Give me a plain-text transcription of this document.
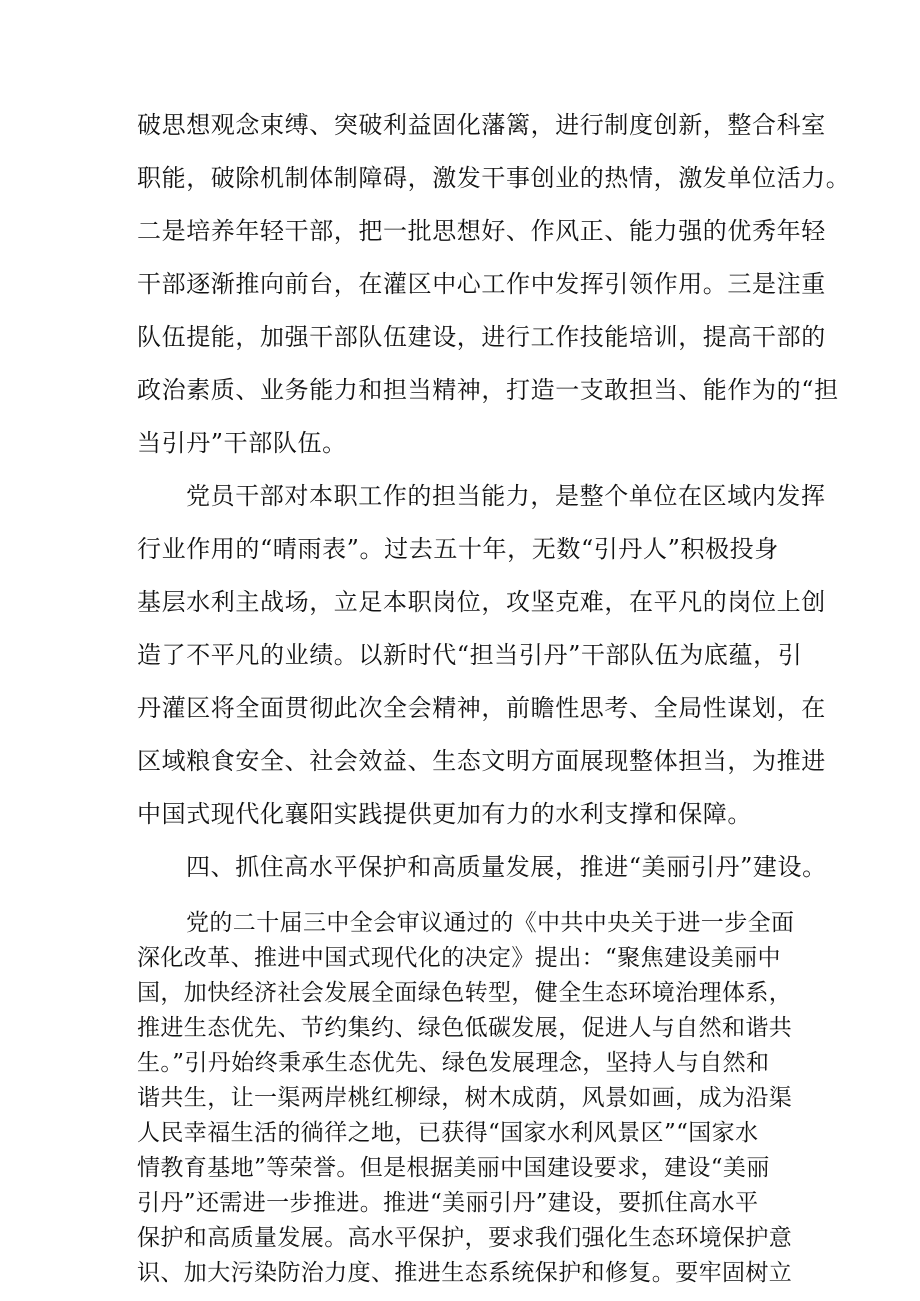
破思想观念束缚、突破利益固化藩篱，进行制度创新，整合科室
职能，破除机制体制障碍，激发干事创业的热情，激发单位活力。
二是培养年轻干部，把一批思想好、作风正、能力强的优秀年轻
干部逐渐推向前台，在灌区中心工作中发挥引领作用。三是注重
队伍提能，加强干部队伍建设，进行工作技能培训，提高干部的
政治素质、业务能力和担当精神，打造一支敢担当、能作为的“担
当引丹”干部队伍。
党员干部对本职工作的担当能力，是整个单位在区域内发挥
行业作用的“晴雨表”。过去五十年，无数“引丹人”积极投身
基层水利主战场，立足本职岗位，攻坚克难，在平凡的岗位上创
造了不平凡的业绩。以新时代“担当引丹”干部队伍为底蕴，引
丹灌区将全面贯彻此次全会精神，前瞻性思考、全局性谋划，在
区域粮食安全、社会效益、生态文明方面展现整体担当，为推进
中国式现代化襄阳实践提供更加有力的水利支撑和保障。
四、抓住高水平保护和高质量发展，推进“美丽引丹”建设。
党的二十届三中全会审议通过的《中共中央关于进一步全面
深化改革、推进中国式现代化的决定》提出：“聚焦建设美丽中
国，加快经济社会发展全面绿色转型，健全生态环境治理体系，
推进生态优先、节约集约、绿色低碳发展，促进人与自然和谐共
生。”引丹始终秉承生态优先、绿色发展理念，坚持人与自然和
谐共生，让一渠两岸桃红柳绿，树木成荫，风景如画，成为沿渠
人民幸福生活的徜徉之地，已获得“国家水利风景区”“国家水
情教育基地”等荣誉。但是根据美丽中国建设要求，建设“美丽
引丹”还需进一步推进。推进“美丽引丹”建设，要抓住高水平
保护和高质量发展。高水平保护，要求我们强化生态环境保护意
识、加大污染防治力度、推进生态系统保护和修复。要牢固树立
